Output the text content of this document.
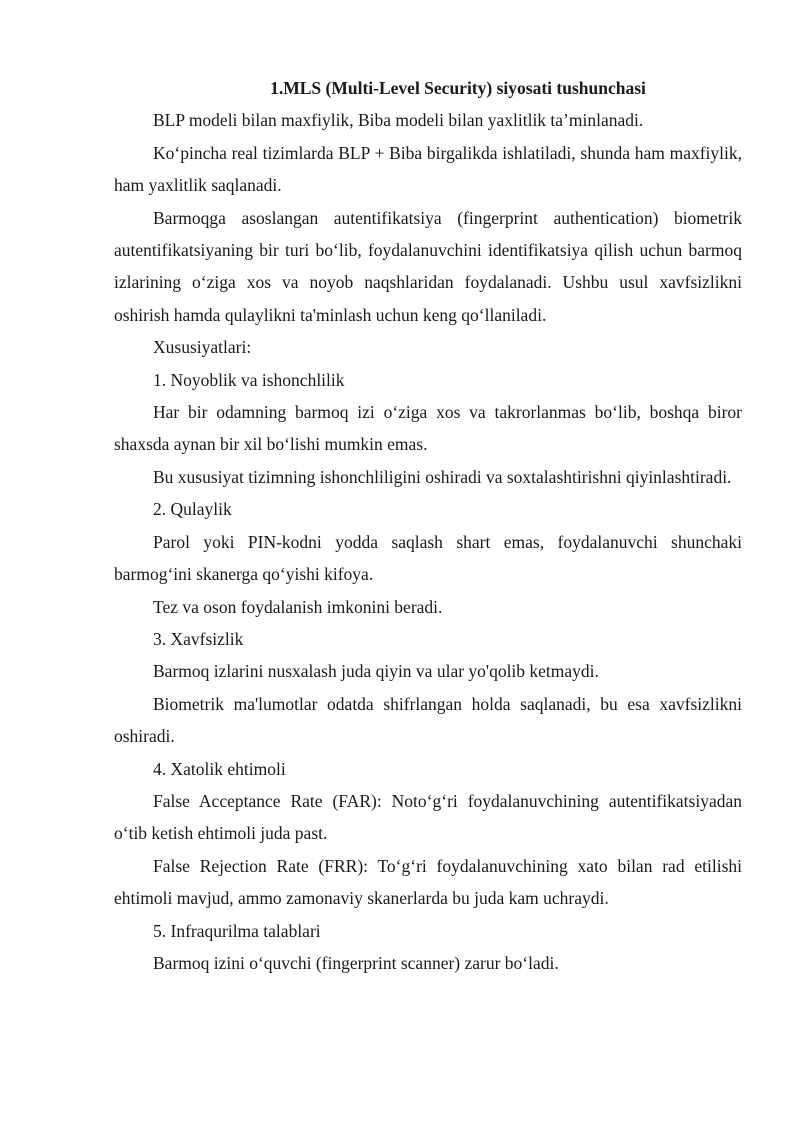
1.MLS (Multi-Level Security) siyosati tushunchasi

BLP modeli bilan maxfiylik, Biba modeli bilan yaxlitlik ta’minlanadi.

Ko‘pincha real tizimlarda BLP + Biba birgalikda ishlatiladi, shunda ham maxfiylik, ham yaxlitlik saqlanadi.

Barmoqga asoslangan autentifikatsiya (fingerprint authentication) biometrik autentifikatsiyaning bir turi bo‘lib, foydalanuvchini identifikatsiya qilish uchun barmoq izlarining o‘ziga xos va noyob naqshlaridan foydalanadi. Ushbu usul xavfsizlikni oshirish hamda qulaylikni ta'minlash uchun keng qo‘llaniladi.

Xususiyatlari:

1. Noyoblik va ishonchlilik

Har bir odamning barmoq izi o‘ziga xos va takrorlanmas bo‘lib, boshqa biror shaxsda aynan bir xil bo‘lishi mumkin emas.

Bu xususiyat tizimning ishonchliligini oshiradi va soxtalashtirishni qiyinlashtiradi.

2. Qulaylik

Parol yoki PIN-kodni yodda saqlash shart emas, foydalanuvchi shunchaki barmog‘ini skanerga qo‘yishi kifoya.

Tez va oson foydalanish imkonini beradi.

3. Xavfsizlik

Barmoq izlarini nusxalash juda qiyin va ular yo'qolib ketmaydi.

Biometrik ma'lumotlar odatda shifrlangan holda saqlanadi, bu esa xavfsizlikni oshiradi.

4. Xatolik ehtimoli

False Acceptance Rate (FAR): Noto‘g‘ri foydalanuvchining autentifikatsiyadan o‘tib ketish ehtimoli juda past.

False Rejection Rate (FRR): To‘g‘ri foydalanuvchining xato bilan rad etilishi ehtimoli mavjud, ammo zamonaviy skanerlarda bu juda kam uchraydi.

5. Infraqurilma talablari

Barmoq izini o‘quvchi (fingerprint scanner) zarur bo‘ladi.
